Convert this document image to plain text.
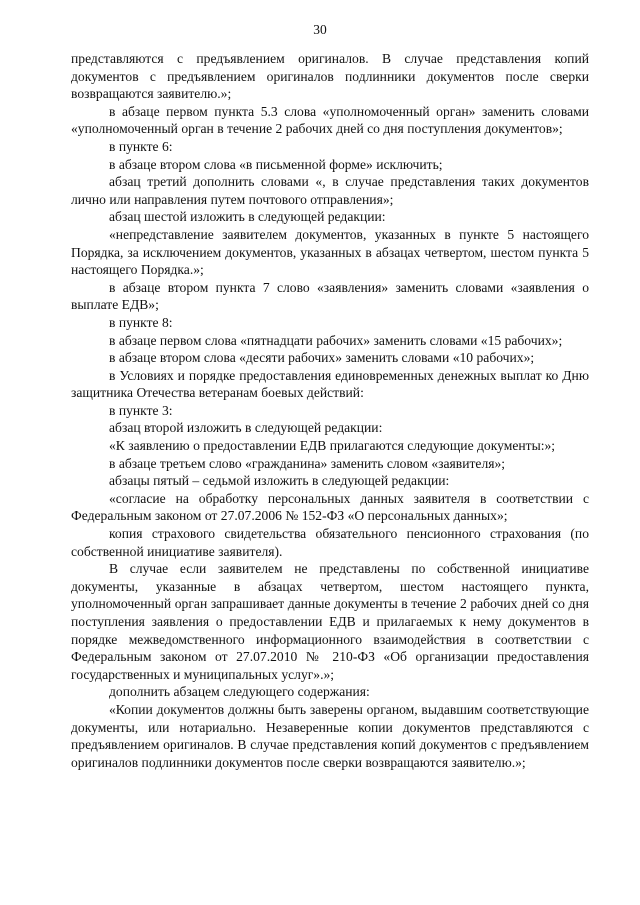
30

представляются с предъявлением оригиналов. В случае представления копий документов с предъявлением оригиналов подлинники документов после сверки возвращаются заявителю.»;

в абзаце первом пункта 5.3 слова «уполномоченный орган» заменить словами «уполномоченный орган в течение 2 рабочих дней со дня поступления документов»;

в пункте 6:

в абзаце втором слова «в письменной форме» исключить;

абзац третий дополнить словами «, в случае представления таких документов лично или направления путем почтового отправления»;

абзац шестой изложить в следующей редакции:

«непредставление заявителем документов, указанных в пункте 5 настоящего Порядка, за исключением документов, указанных в абзацах четвертом, шестом пункта 5 настоящего Порядка.»;

в абзаце втором пункта 7 слово «заявления» заменить словами «заявления о выплате ЕДВ»;

в пункте 8:

в абзаце первом слова «пятнадцати рабочих» заменить словами «15 рабочих»;

в абзаце втором слова «десяти рабочих» заменить словами «10 рабочих»;

в Условиях и порядке предоставления единовременных денежных выплат ко Дню защитника Отечества ветеранам боевых действий:

в пункте 3:

абзац второй изложить в следующей редакции:

«К заявлению о предоставлении ЕДВ прилагаются следующие документы:»;

в абзаце третьем слово «гражданина» заменить словом «заявителя»;

абзацы пятый – седьмой изложить в следующей редакции:

«согласие на обработку персональных данных заявителя в соответствии с Федеральным законом от 27.07.2006 № 152-ФЗ «О персональных данных»;

копия страхового свидетельства обязательного пенсионного страхования (по собственной инициативе заявителя).

В случае если заявителем не представлены по собственной инициативе документы, указанные в абзацах четвертом, шестом настоящего пункта, уполномоченный орган запрашивает данные документы в течение 2 рабочих дней со дня поступления заявления о предоставлении ЕДВ и прилагаемых к нему документов в порядке межведомственного информационного взаимодействия в соответствии с Федеральным законом от 27.07.2010 № 210-ФЗ «Об организации предоставления государственных и муниципальных услуг».»;

дополнить абзацем следующего содержания:

«Копии документов должны быть заверены органом, выдавшим соответствующие документы, или нотариально. Незаверенные копии документов представляются с предъявлением оригиналов. В случае представления копий документов с предъявлением оригиналов подлинники документов после сверки возвращаются заявителю.»;
